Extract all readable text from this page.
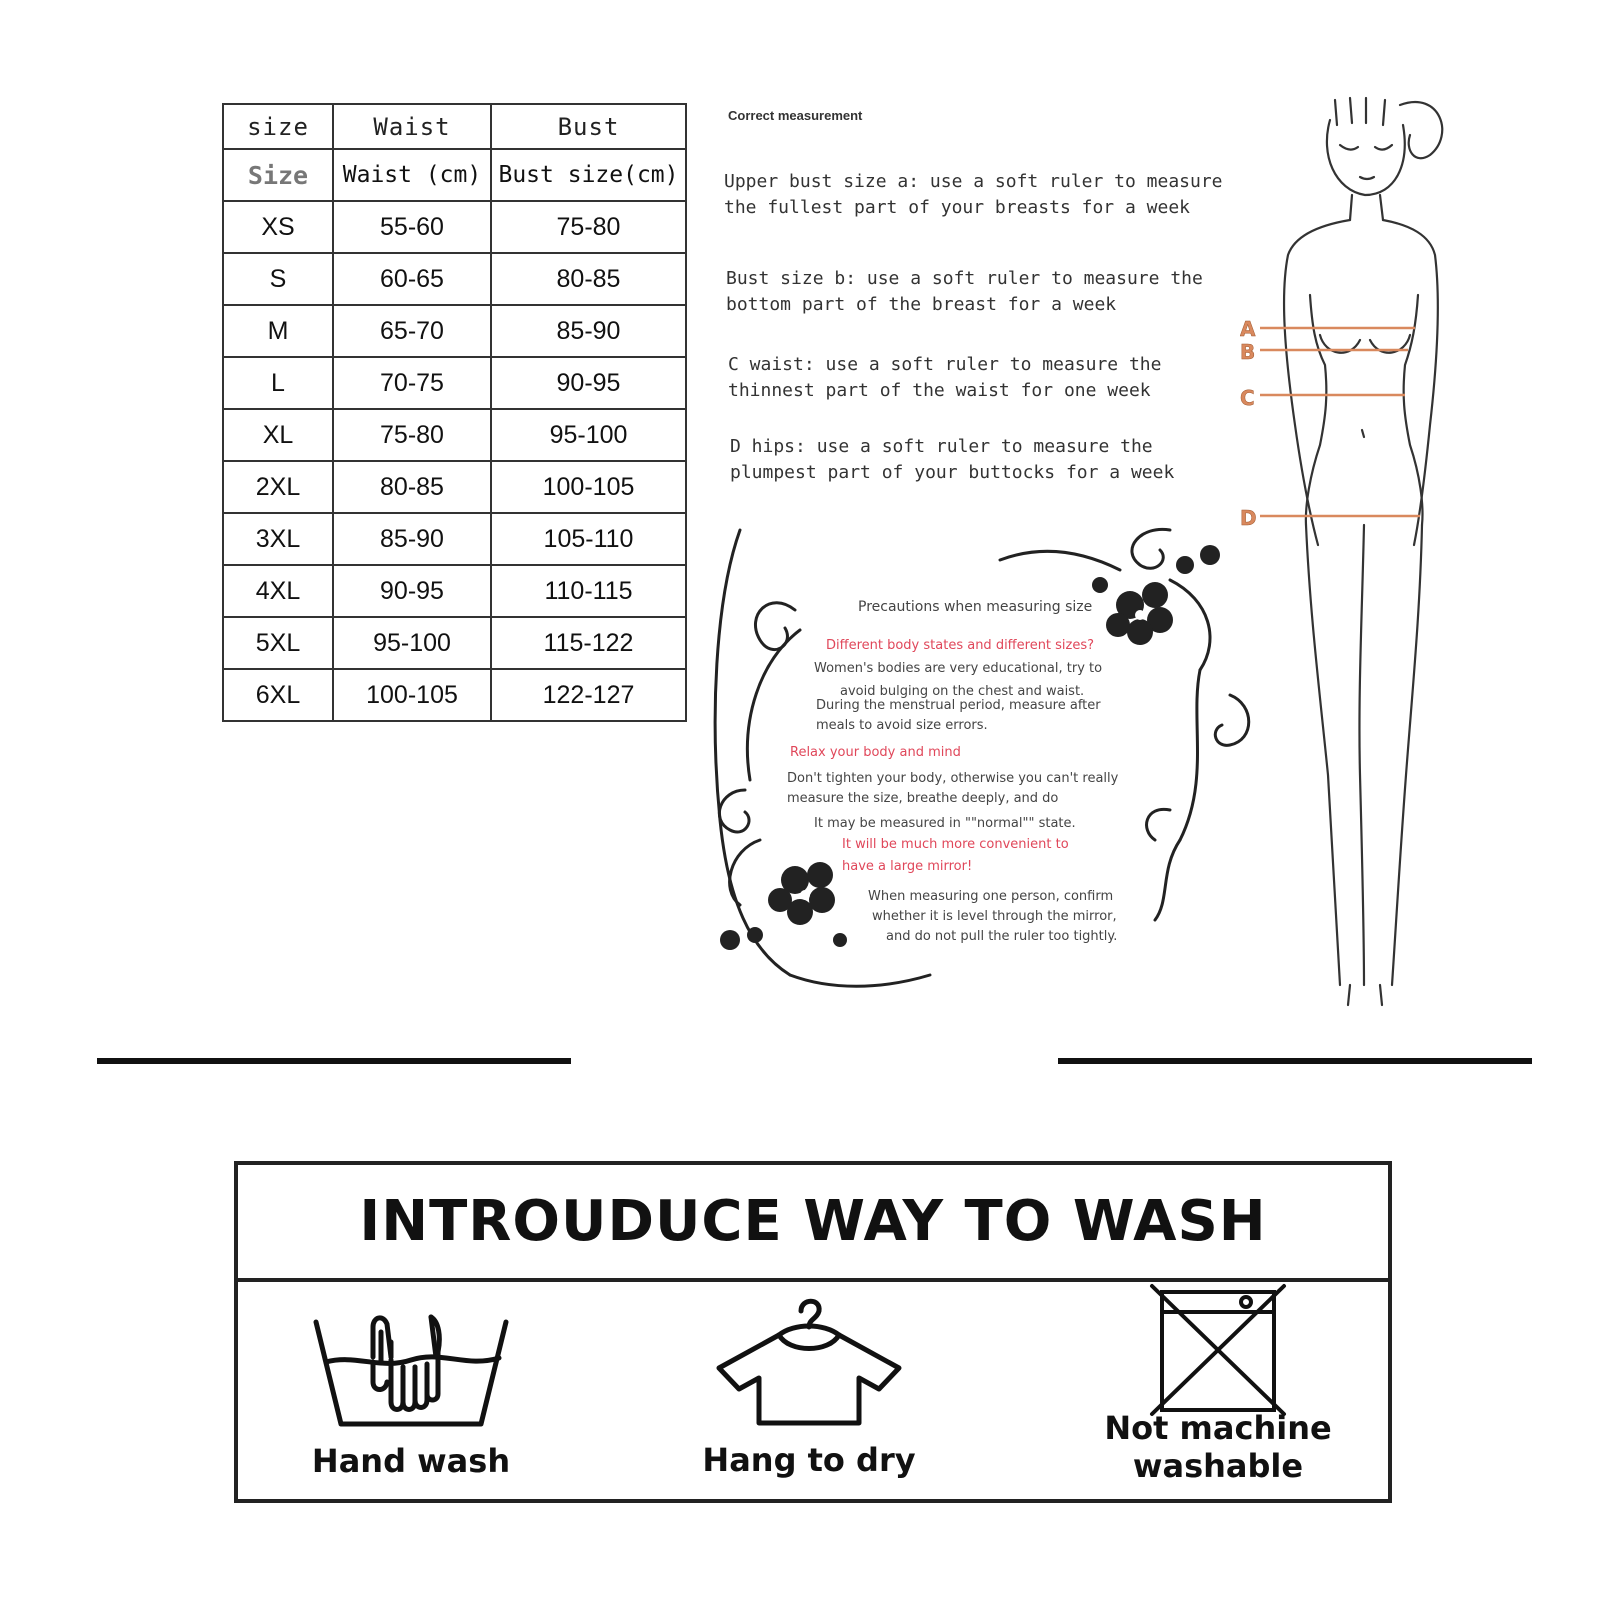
size	Waist	Bust
Size	Waist (cm)	Bust size(cm)
XS	55-60	75-80
S	60-65	80-85
M	65-70	85-90
L	70-75	90-95
XL	75-80	95-100
2XL	80-85	100-105
3XL	85-90	105-110
4XL	90-95	110-115
5XL	95-100	115-122
6XL	100-105	122-127
Correct measurement
Upper bust size a: use a soft ruler to measure the fullest part of your breasts for a week
Bust size b: use a soft ruler to measure the bottom part of the breast for a week
C waist: use a soft ruler to measure the thinnest part of the waist for one week
D hips: use a soft ruler to measure the plumpest part of your buttocks for a week
A
B
C
D
Precautions when measuring size
Different body states and different sizes?
Women's bodies are very educational, try to
avoid bulging on the chest and waist.
During the menstrual period, measure after
meals to avoid size errors.
Relax your body and mind
Don't tighten your body, otherwise you can't really
measure the size, breathe deeply, and do
It may be measured in ""normal"" state.
It will be much more convenient to
have a large mirror!
When measuring one person, confirm
whether it is level through the mirror,
and do not pull the ruler too tightly.
INTROUDUCE WAY TO WASH
Hand wash	Hang to dry
Not machine
washable
